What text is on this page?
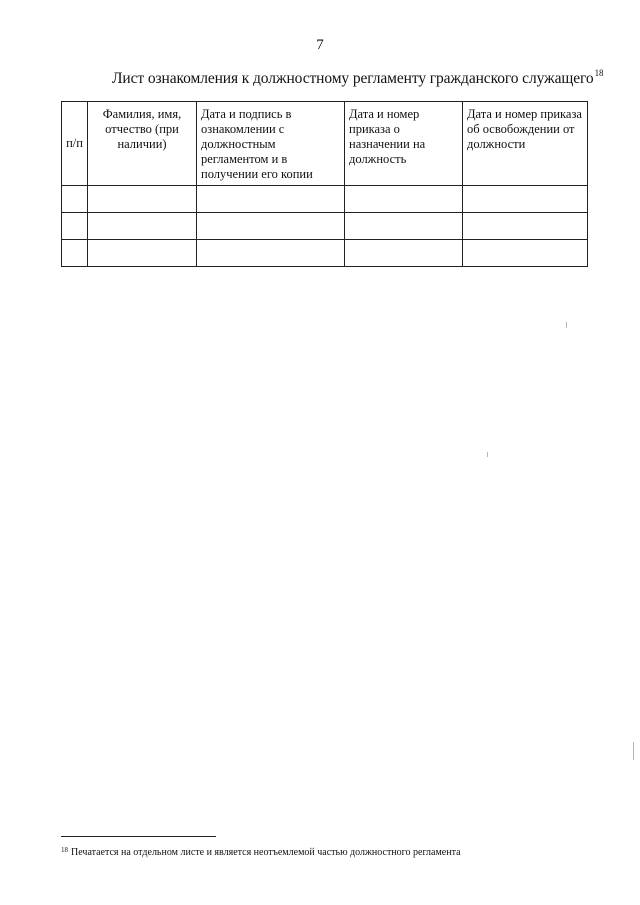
7
Лист ознакомления к должностному регламенту гражданского служащего$^{18}$
п/п	Фамилия, имя, отчество (при наличии)	Дата и подпись в ознакомлении с должностным регламентом и в получении его копии	Дата и номер приказа о назначении на должность	Дата и номер приказа об освобождении от должности

$^{18}$ Печатается на отдельном листе и является неотъемлемой частью должностного регламента
